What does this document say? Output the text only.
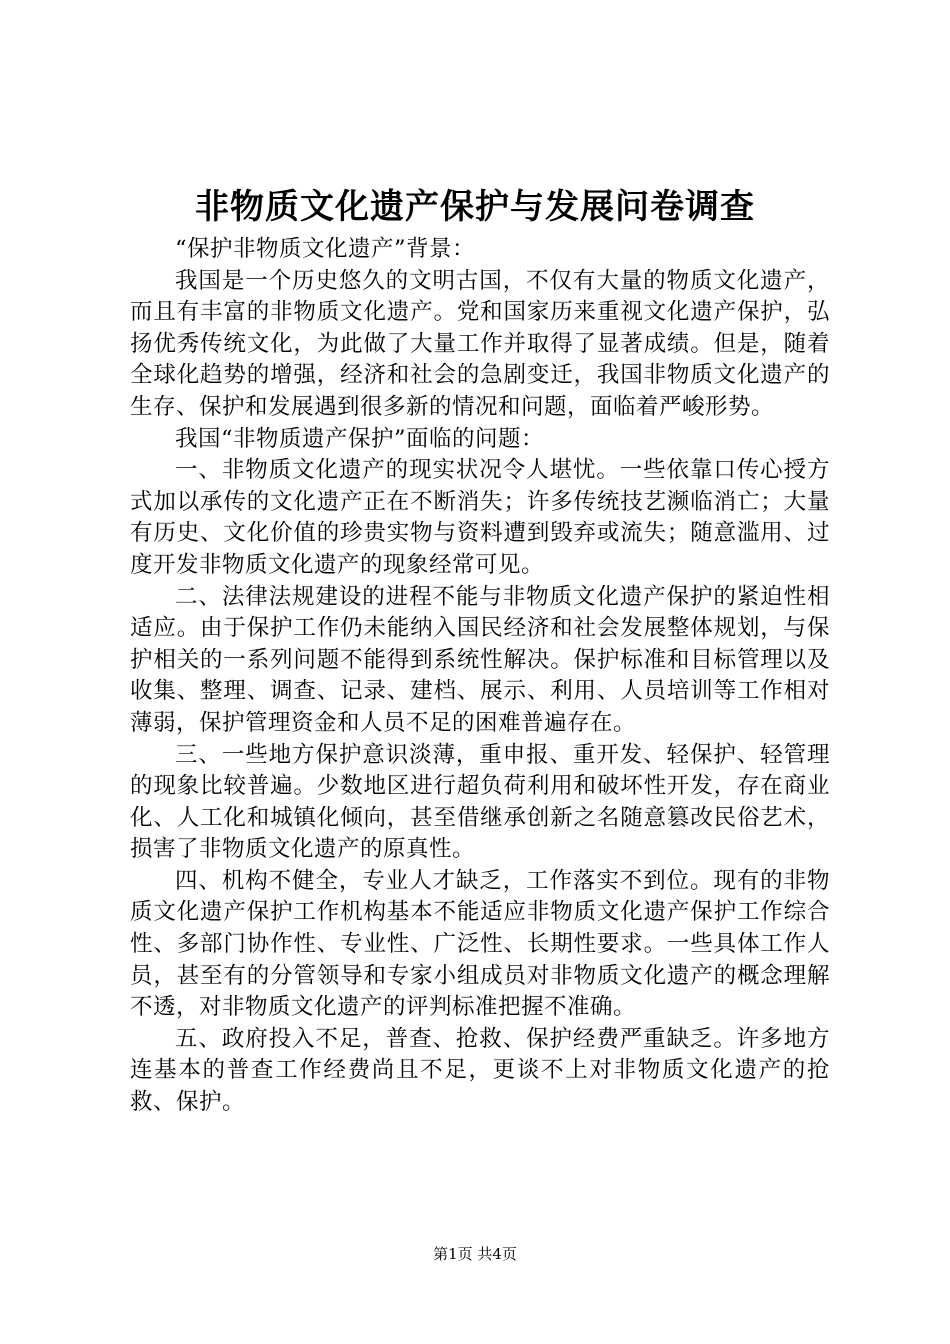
非物质文化遗产保护与发展问卷调查

“保护非物质文化遗产”背景：

我国是一个历史悠久的文明古国，不仅有大量的物质文化遗产，而且有丰富的非物质文化遗产。党和国家历来重视文化遗产保护，弘扬优秀传统文化，为此做了大量工作并取得了显著成绩。但是，随着全球化趋势的增强，经济和社会的急剧变迁，我国非物质文化遗产的生存、保护和发展遇到很多新的情况和问题，面临着严峻形势。

我国“非物质遗产保护”面临的问题：

一、非物质文化遗产的现实状况令人堪忧。一些依靠口传心授方式加以承传的文化遗产正在不断消失；许多传统技艺濒临消亡；大量有历史、文化价值的珍贵实物与资料遭到毁弃或流失；随意滥用、过度开发非物质文化遗产的现象经常可见。

二、法律法规建设的进程不能与非物质文化遗产保护的紧迫性相适应。由于保护工作仍未能纳入国民经济和社会发展整体规划，与保护相关的一系列问题不能得到系统性解决。保护标准和目标管理以及收集、整理、调查、记录、建档、展示、利用、人员培训等工作相对薄弱，保护管理资金和人员不足的困难普遍存在。

三、一些地方保护意识淡薄，重申报、重开发、轻保护、轻管理的现象比较普遍。少数地区进行超负荷利用和破坏性开发，存在商业化、人工化和城镇化倾向，甚至借继承创新之名随意篡改民俗艺术，损害了非物质文化遗产的原真性。

四、机构不健全，专业人才缺乏，工作落实不到位。现有的非物质文化遗产保护工作机构基本不能适应非物质文化遗产保护工作综合性、多部门协作性、专业性、广泛性、长期性要求。一些具体工作人员，甚至有的分管领导和专家小组成员对非物质文化遗产的概念理解不透，对非物质文化遗产的评判标准把握不准确。

五、政府投入不足，普查、抢救、保护经费严重缺乏。许多地方连基本的普查工作经费尚且不足，更谈不上对非物质文化遗产的抢救、保护。

第1页 共4页
